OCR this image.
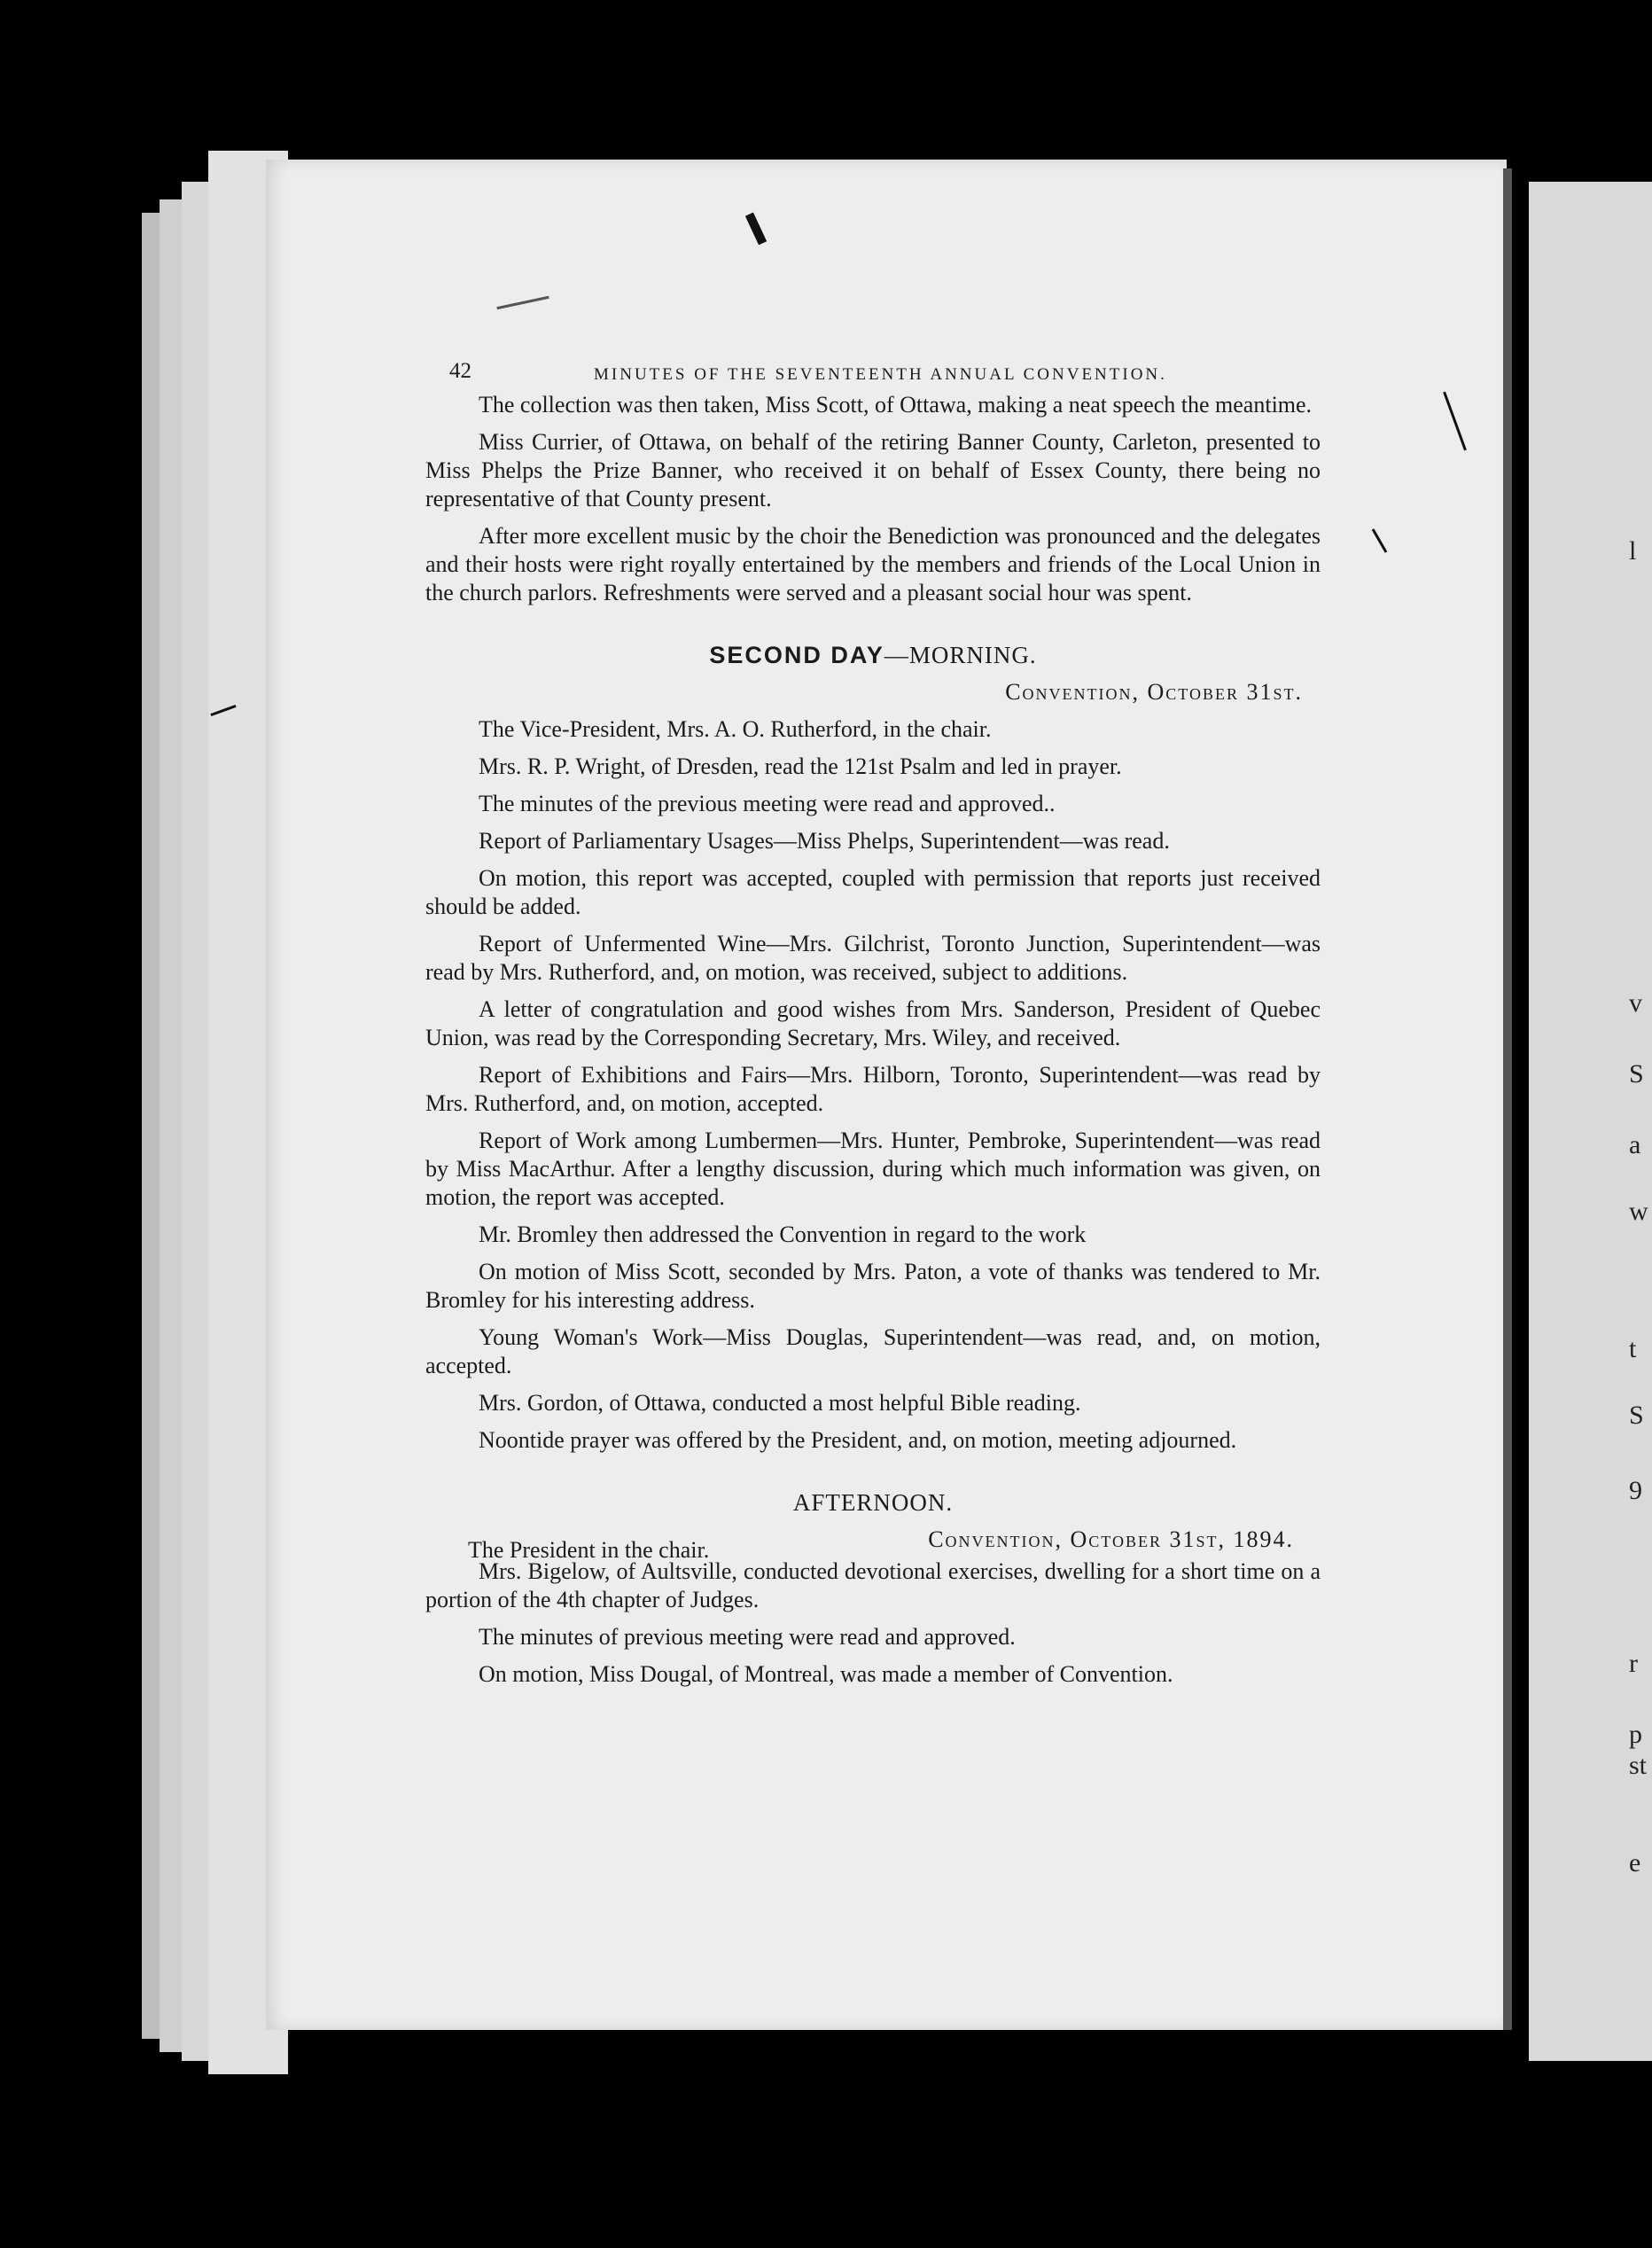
l
S
a
v
w
t
S
9
r
p
st
e
42	MINUTES OF THE SEVENTEENTH ANNUAL CONVENTION.

The collection was then taken, Miss Scott, of Ottawa, making a neat speech the meantime.

Miss Currier, of Ottawa, on behalf of the retiring Banner County, Carleton, presented to Miss Phelps the Prize Banner, who received it on behalf of Essex County, there being no representative of that County present.

After more excellent music by the choir the Benediction was pronounced and the delegates and their hosts were right royally entertained by the members and friends of the Local Union in the church parlors. Refreshments were served and a pleasant social hour was spent.

SECOND DAY—MORNING.
Convention, October 31st.

The Vice-President, Mrs. A. O. Rutherford, in the chair.

Mrs. R. P. Wright, of Dresden, read the 121st Psalm and led in prayer.

The minutes of the previous meeting were read and approved..

Report of Parliamentary Usages—Miss Phelps, Superintendent—was read.

On motion, this report was accepted, coupled with permission that reports just received should be added.

Report of Unfermented Wine—Mrs. Gilchrist, Toronto Junction, Superintendent—was read by Mrs. Rutherford, and, on motion, was received, subject to additions.

A letter of congratulation and good wishes from Mrs. Sanderson, President of Quebec Union, was read by the Corresponding Secretary, Mrs. Wiley, and received.

Report of Exhibitions and Fairs—Mrs. Hilborn, Toronto, Superintendent—was read by Mrs. Rutherford, and, on motion, accepted.

Report of Work among Lumbermen—Mrs. Hunter, Pembroke, Superintendent—was read by Miss MacArthur. After a lengthy discussion, during which much information was given, on motion, the report was accepted.

Mr. Bromley then addressed the Convention in regard to the work

On motion of Miss Scott, seconded by Mrs. Paton, a vote of thanks was tendered to Mr. Bromley for his interesting address.

Young Woman's Work—Miss Douglas, Superintendent—was read, and, on motion, accepted.

Mrs. Gordon, of Ottawa, conducted a most helpful Bible reading.

Noontide prayer was offered by the President, and, on motion, meeting adjourned.

AFTERNOON.
The President in the chair.	Convention, October 31st, 1894.

Mrs. Bigelow, of Aultsville, conducted devotional exercises, dwelling for a short time on a portion of the 4th chapter of Judges.

The minutes of previous meeting were read and approved.

On motion, Miss Dougal, of Montreal, was made a member of Convention.
